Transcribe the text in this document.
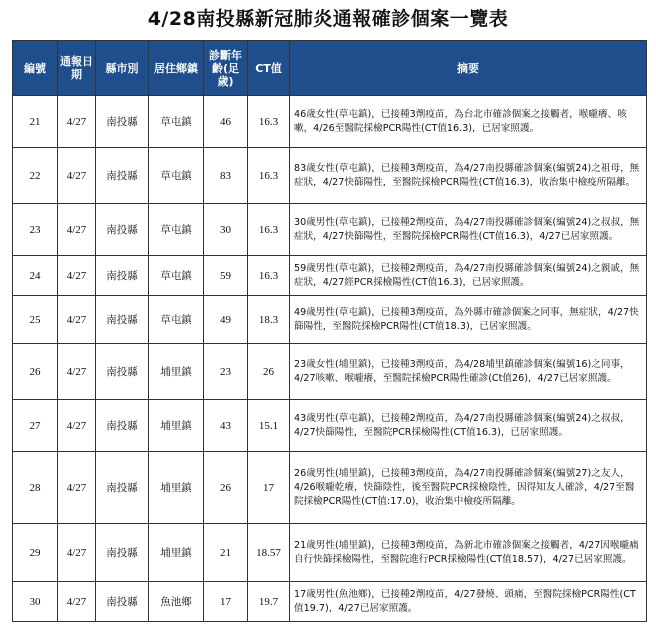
4/28南投縣新冠肺炎通報確診個案一覽表
編號	通報日期	縣市別	居住鄉鎮	診斷年齡(足歲)	CT值	摘要
21	4/27	南投縣	草屯鎮	46	16.3	46歲女性(草屯鎮)，已接種3劑疫苗，為台北市確診個案之接觸者，喉嚨癢、咳嗽，4/26至醫院採檢PCR陽性(CT值16.3)，已居家照護。
22	4/27	南投縣	草屯鎮	83	16.3	83歲女性(草屯鎮)，已接種3劑疫苗，為4/27南投縣確診個案(編號24)之祖母，無症狀，4/27快篩陽性，至醫院採檢PCR陽性(CT值16.3)，收治集中檢疫所隔離。
23	4/27	南投縣	草屯鎮	30	16.3	30歲男性(草屯鎮)，已接種2劑疫苗，為4/27南投縣確診個案(編號24)之叔叔，無症狀，4/27快篩陽性，至醫院採檢PCR陽性(CT值16.3)，4/27已居家照護。
24	4/27	南投縣	草屯鎮	59	16.3	59歲男性(草屯鎮)，已接種2劑疫苗，為4/27南投縣確診個案(編號24)之親戚，無症狀，4/27經PCR採檢陽性(CT值16.3)，已居家照護。
25	4/27	南投縣	草屯鎮	49	18.3	49歲男性(草屯鎮)，已接種3劑疫苗，為外縣市確診個案之同事，無症狀，4/27快篩陽性，至醫院採檢PCR陽性(CT值18.3)，已居家照護。
26	4/27	南投縣	埔里鎮	23	26	23歲女性(埔里鎮)，已接種3劑疫苗，為4/28埔里鎮確診個案(編號16)之同事，4/27咳嗽、喉嚨癢，至醫院採檢PCR陽性確診(Ct值26)，4/27已居家照護。
27	4/27	南投縣	埔里鎮	43	15.1	43歲男性(草屯鎮)，已接種2劑疫苗，為4/27南投縣確診個案(編號24)之叔叔，4/27快篩陽性，至醫院PCR採檢陽性(CT值16.3)，已居家照護。
28	4/27	南投縣	埔里鎮	26	17	26歲男性(埔里鎮)，已接種3劑疫苗，為4/27南投縣確診個案(編號27)之友人，4/26喉嚨乾癢，快篩陰性，後至醫院PCR採檢陰性，因得知友人確診，4/27至醫院採檢PCR陽性(CT值:17.0)，收治集中檢疫所隔離。
29	4/27	南投縣	埔里鎮	21	18.57	21歲男性(埔里鎮)，已接種3劑疫苗，為新北市確診個案之接觸者，4/27因喉嚨痛自行快篩採檢陽性，至醫院進行PCR採檢陽性(CT值18.57)，4/27已居家照護。
30	4/27	南投縣	魚池鄉	17	19.7	17歲男性(魚池鄉)，已接種2劑疫苗，4/27發燒、頭痛，至醫院採檢PCR陽性(CT值19.7)，4/27已居家照護。
